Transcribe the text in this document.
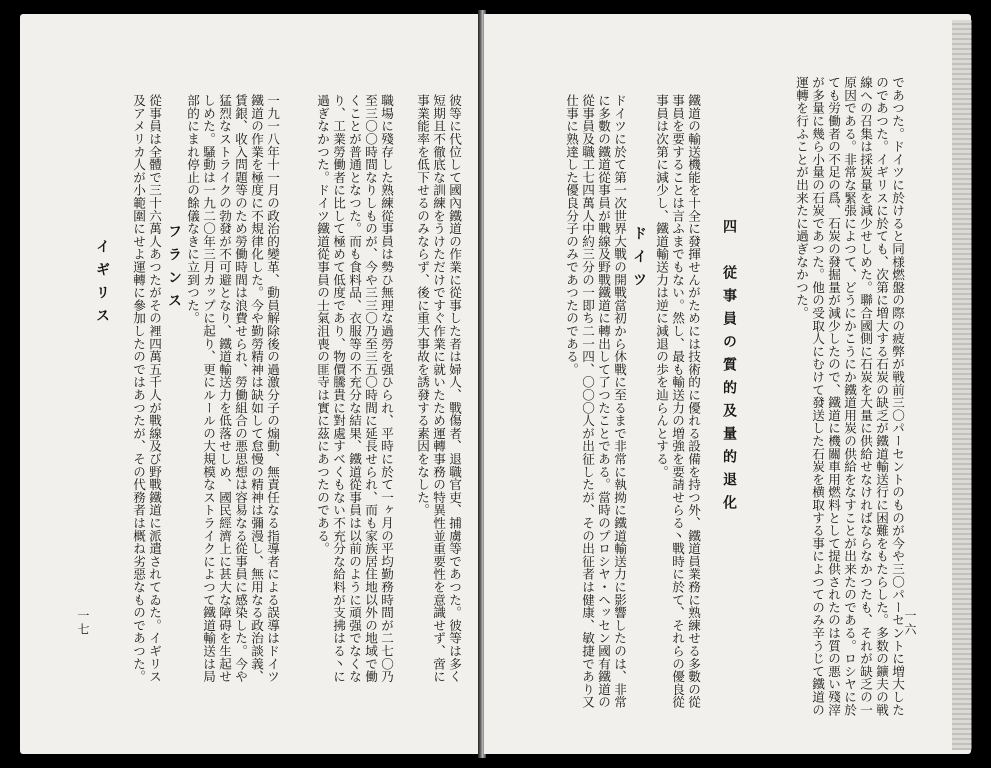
彼等に代位して國內鐵道の作業に從事した者は婦人、戰傷者、退職官吏、捕虜等であつた。彼等は多く短期且不徹底な訓練をうけただけですぐ作業に就いたため運轉事務の特異性並重要性を意識せず、啻に事業能率を低下せるのみならず、後に重大事故を誘發する素因をなした。
職場に殘存した熟練從事員は勢ひ無理な過勞を强ひられ、平時に於て一ヶ月の平均勤務時間が二七〇乃至三〇〇時間なりしものが、今や三三〇乃至三五〇時間に延長せられ、而も家族居住地以外の地域で働くことが普通となつた。而も食料品、衣服等の不充分な結果、鐵道從事員は以前のように頑强でなくなり、工業勞働者に比して極めて低度であり、物價騰貴に對處すべくもない不充分な給料が支拂はる丶に過ぎなかつた。ドイツ鐵道從事員の士氣沮喪の匪寺は實に茲にあつたのである。
一九一八年十一月の政治的變革、動員解除後の過激分子の煽動、無責任なる指導者による誤導はドイツ鐵道の作業を極度に不規律化した。今や勤勞精神は缺如して怠慢の精神は彌漫し、無用なる政治談義、賃銀、收入問題等のため勞働時間は浪費せられ、勞働組合の悪思想は容易なる從事員に感染した。今や猛烈なストライクの勃發が不可避となり、鐵道輸送力を低落せしめ、國民經濟上に甚大な障碍を生起せしめた。騷動は一九二〇年三月カップに起り、更にルールの大規模なストライクによつて鐵道輸送は局部的にまれ停止の餘儀なきに立到つた。
フランス
從事員は全體で三十六萬人あつたがその裡四萬五千人が戰線及び野戰鐵道に派遣されてゐた。イギリス及アメリカ人が小範圍にせよ運轉に參加したのではあつたが、その代務者は概ね劣惡なものであつた。
イギリス
一七	一六
であつた。ドイツに於けると同様燃盤の際の疲弊が戦前三〇パーセントのものが今や三〇パーセントに増大したのであつた。イギリスに於ても、次第に増大する石炭の缺乏が鐵道輸送行に困難をもたらした。多数の鑛夫の戦線への召集は採炭量を減少せしめた。聯合國側に石炭を大量に供給せなければならなかつたも、それが缺乏の一原因である。非常な緊張によつて、どうにかこうにか鐵道用炭の供給をなすことが出来たのである。ロシヤに於ても労働者の不足の爲、石炭の發掘量が減少したので、鐵道に機關車用燃料として提供されたのは質の悪い殘滓が多量に幾ら小量の石炭であつた。他の受取人にむけて發送した石炭を横取する事によつてのみ辛うじて鐵道の運轉を行ふことが出来たに過ぎなかつた。
四　従事員の質的及量的退化
鐵道の輸送機能を十全に發揮せんがためには技術的に優れる設備を持つ外、鐵道員業務に熟練せる多數の從事員を要することは言ふまでもない。然し、最も輸送力の増強を要請せらる丶戰時に於て、それらの優良從事員は次第に減少し、鐵道輸送力は逆に減退の歩を辿らんとする。
ドイツ
ドイツに於て第一次世界大戰の開戰當初から休戰に至るまで非常に執拗に鐵道輸送力に影響したのは、非常に多數の鐵道從事員が戰線及野戰鐵道に轉出して了つたことである。當時のプロシヤ・ヘッセン國有鐵道の從事員及職工七四萬人中約三分の一即ち二一四、〇〇〇人が出征したが、その出征者は健康、敏捷であり又仕事に熟達した優良分子のみであつたのである。
